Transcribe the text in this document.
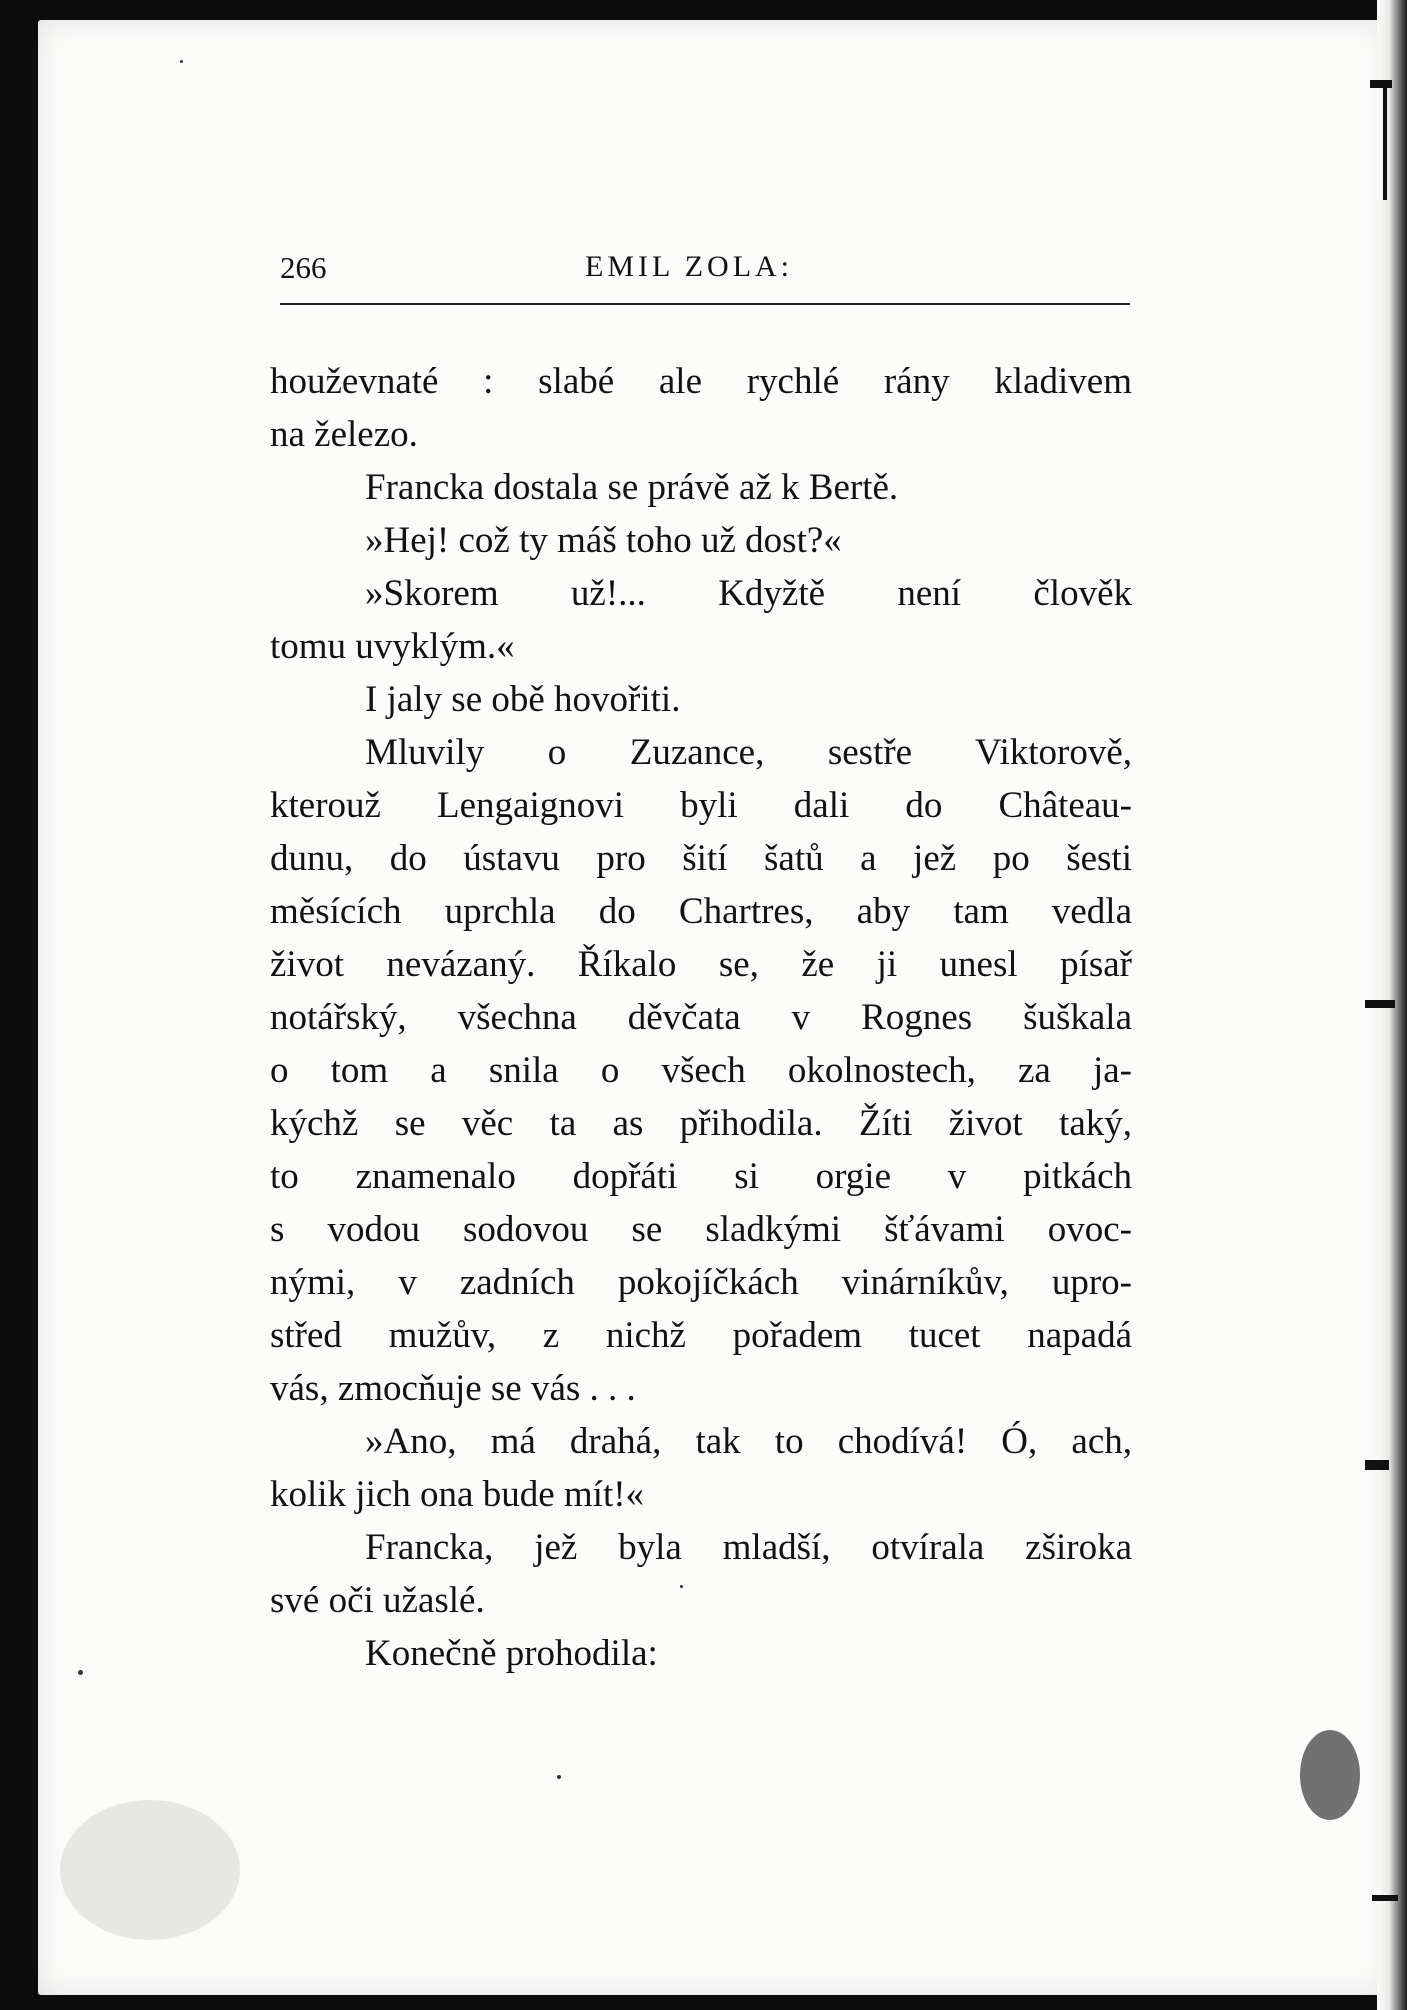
266	EMIL ZOLA:
houževnaté : slabé ale rychlé rány kladivem
na železo.
Francka dostala se právě až k Bertě.
»Hej! což ty máš toho už dost?«
»Skorem už!... Kdyžtě není člověk
tomu uvyklým.«
I jaly se obě hovořiti.
Mluvily o Zuzance, sestře Viktorově,
kterouž Lengaignovi byli dali do Château-
dunu, do ústavu pro šití šatů a jež po šesti
měsících uprchla do Chartres, aby tam vedla
život nevázaný. Říkalo se, že ji unesl písař
notářský, všechna děvčata v Rognes šuškala
o tom a snila o všech okolnostech, za ja-
kýchž se věc ta as přihodila. Žíti život taký,
to znamenalo dopřáti si orgie v pitkách
s vodou sodovou se sladkými šťávami ovoc-
nými, v zadních pokojíčkách vinárníkův, upro-
střed mužův, z nichž pořadem tucet napadá
vás, zmocňuje se vás . . .
»Ano, má drahá, tak to chodívá! Ó, ach,
kolik jich ona bude mít!«
Francka, jež byla mladší, otvírala zširoka
své oči užaslé.
Konečně prohodila:
